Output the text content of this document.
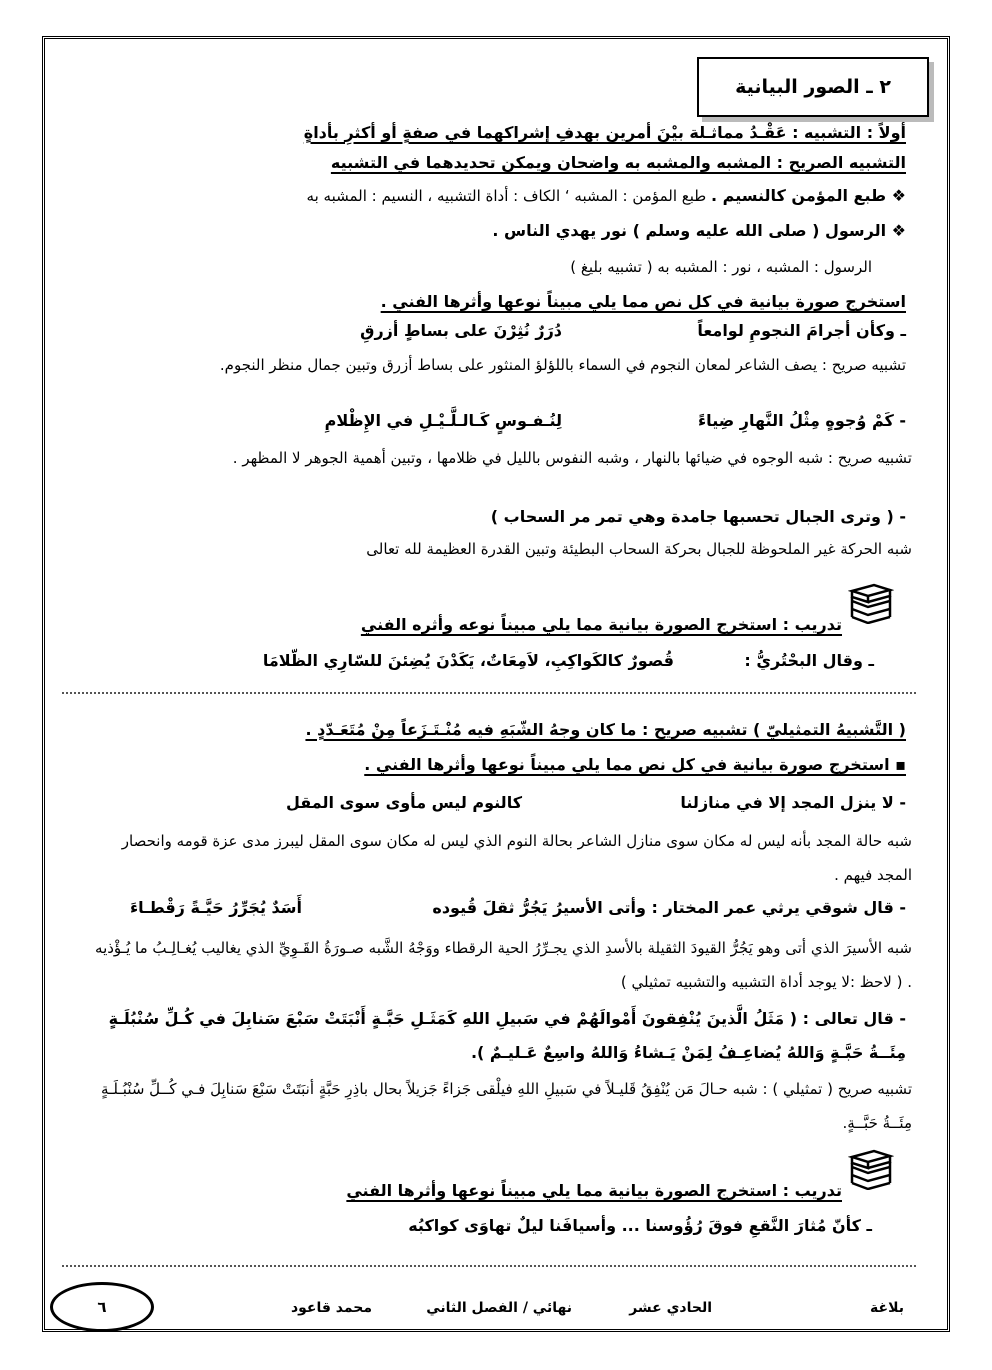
٢ ـ الصور البيانية
أولاً : التشبيه : عَقْـدُ مماثـلة بيْنَ أمرين بهدفِ إشراكهما في صفةٍ أو أكثرِ بأداةٍ
التشبيه الصريح : المشبه والمشبه به واضحان ويمكن تحديدهما في التشبيه
❖ طبع المؤمن كالنسيم . طبع المؤمن : المشبه ‘ الكاف : أداة التشبيه ، النسيم : المشبه به
❖ الرسول ( صلى الله عليه وسلم ) نور يهدي الناس .
الرسول : المشبه ، نور : المشبه به ( تشبيه بليغ )
استخرج صورة بيانية في كل نص مما يلي مبيناً نوعها وأثرها الفني .
ـ وكأن أجرامَ النجومِ لوامعاً
دُرَرٌ نُثِرْنَ على بساطٍ أزرقِ
تشبيه صريح : يصف الشاعر لمعان النجوم في السماء باللؤلؤ المنثور على بساط أزرق وتبين جمال منظر النجوم.
- كَمْ وُجوهٍ مِثْلُ النَّهارِ ضِياءً
لِنُـفـوسٍ كَـالـلَّـيْـلِ في الإِظْلامِ
تشبيه صريح : شبه الوجوه في ضيائها بالنهار ، وشبه النفوس بالليل في ظلامها ، وتبين أهمية الجوهر لا المظهر .
- ( وترى الجبال تحسبها جامدة وهي تمر مر السحاب )
شبه الحركة غير الملحوظة للجبال بحركة السحاب البطيئة وتبين القدرة العظيمة لله تعالى
تدريب : استخرج الصورة بيانية مما يلي مبيناً نوعه وأثره الفني
ـ وقال البحْتُريُّ :
قُصورٌ كالكَواكِبِ، لاَمِعَاتٌ، يَكَدْنَ يُضِئنَ للسّارِي الظّلامَا
( التَّشبيهُ التمثيليّ ) تشبيه صريح : ما كان وجهُ الشّبَهِ فيه مُنْـتَـزَعاً مِنْ مُتَعَـدّدٍ .
▪ استخرج صورة بيانية في كل نص مما يلي مبيناً نوعها وأثرها الفني .
- لا ينزل المجد إلا في منازلنا
كالنوم ليس مأوى سوى المقل
شبه حالة المجد بأنه ليس له مكان سوى منازل الشاعر بحالة النوم الذي ليس له مكان سوى المقل ليبرز مدى عزة قومه وانحصار المجد فيهم .
- قال شوقي يرثي عمر المختار : وأتى الأسيرُ يَجُرُّ ثقلَ قُيوده
أَسَدٌ يُجَرِّرُ حَيَّـةً رَقْطـاءَ
شبه الأسيرَ الذي أتى وهو يَجُرُّ القيودَ الثقيلة بالأسدِ الذي يجـرِّرُ الحية الرقطاء ووَجْهُ الشَّبه صـورَةُ القَـوِيِّ الذي يغاليب يُغـالِـبُ ما يُـؤْذيه . ( لاحظ :لا يوجد أداة التشبيه والتشبيه تمثيلي )
- قال تعالى : ( مَثَلُ الَّذينَ يُنْفِقونَ أَمْوالَهُمْ في سَبيلِ اللهِ كَمَثَـلِ حَبَّـةٍ أَنْبَتَتْ سَبْعَ سَنابِلَ في كُـلِّ سُنْبُلَـةٍ مِئَــةُ حَبَّـةٍ وَاللهُ يُضاعِـفُ لِمَنْ يَـشاءُ وَاللهُ واسِعٌ عَـليـمٌ ).
تشبيه صريح ( تمثيلي ) : شبه حـالَ مَن يُنْفِقُ قَليـلاً في سَبيلِ اللهِ فيلْقى جَزاءً جَزيلاً بحال باذِرِ حَبَّةٍ أنبَتَتْ سَبْعَ سَنابِلَ فـي كُــلِّ سُنْبُـلَـةٍ مِئَــةُ حَبَّــةٍ.
تدريب : استخرج الصورة بيانية مما يلي مبيناً نوعها وأثرها الفني
ـ كأنّ مُثارَ النَّقعِ فوقَ رُؤُوسنا ... وأسيافَنا ليلٌ تهاوَى كواكبُه
بلاغة
الحادي عشر
نهائي / الفصل الثاني
محمد قاعود
٦
